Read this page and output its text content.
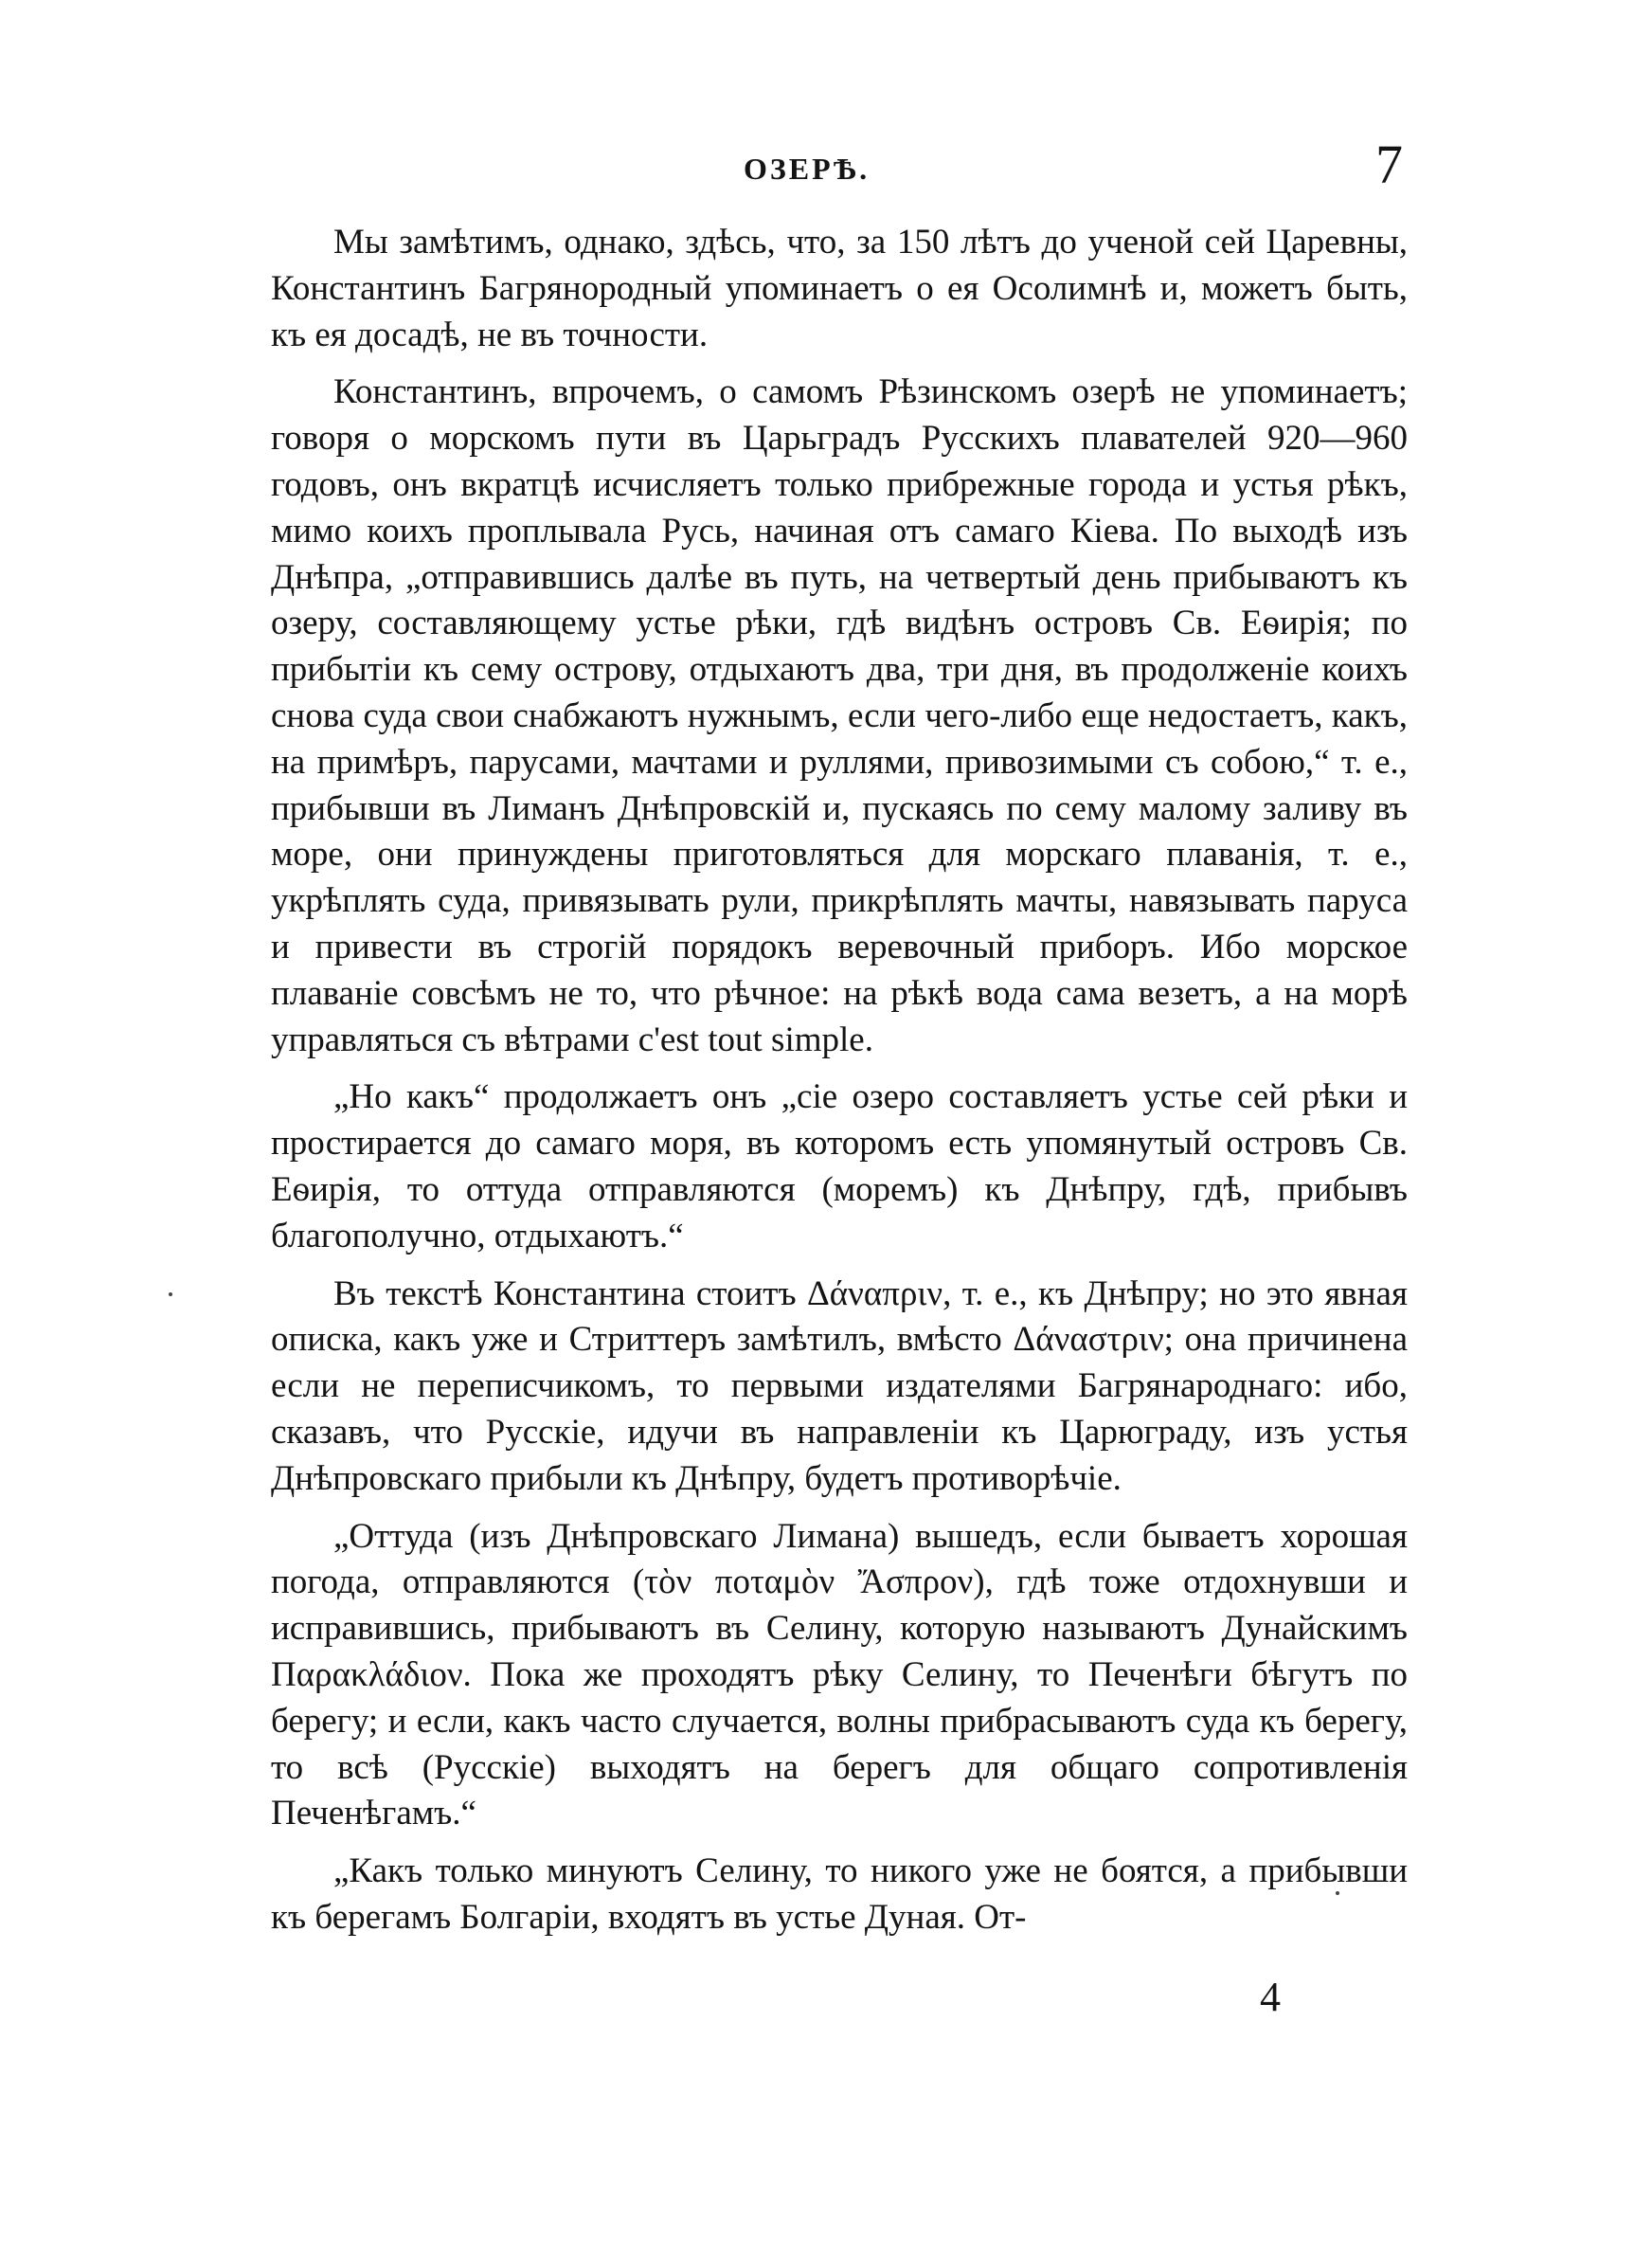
ОЗЕРѢ.	7

Мы замѣтимъ, однако, здѣсь, что, за 150 лѣтъ до ученой сей Царевны, Константинъ Багрянородный упоминаетъ о ея Осолимнѣ и, можетъ быть, къ ея досадѣ, не въ точности.

Константинъ, впрочемъ, о самомъ Рѣзинскомъ озерѣ не упоминаетъ; говоря о морскомъ пути въ Царьградъ Русскихъ плавателей 920—960 годовъ, онъ вкратцѣ исчисляетъ только прибрежные города и устья рѣкъ, мимо коихъ проплывала Русь, начиная отъ самаго Кіева. По выходѣ изъ Днѣпра, „отправившись далѣе въ путь, на четвертый день прибываютъ къ озеру, составляющему устье рѣки, гдѣ видѣнъ островъ Св. Еѳирія; по прибытіи къ сему острову, отдыхаютъ два, три дня, въ продолженіе коихъ снова суда свои снабжаютъ нужнымъ, если чего-либо еще недостаетъ, какъ, на примѣръ, парусами, мачтами и руллями, привозимыми съ собою,“ т. е., прибывши въ Лиманъ Днѣпровскій и, пускаясь по сему малому заливу въ море, они принуждены приготовляться для морскаго плаванія, т. е., укрѣплять суда, привязывать рули, прикрѣплять мачты, навязывать паруса и привести въ строгій порядокъ веревочный приборъ. Ибо морское плаваніе совсѣмъ не то, что рѣчное: на рѣкѣ вода сама везетъ, а на морѣ управляться съ вѣтрами c'est tout simple.

„Но какъ“ продолжаетъ онъ „сіе озеро составляетъ устье сей рѣки и простирается до самаго моря, въ которомъ есть упомянутый островъ Св. Еѳирія, то оттуда отправляются (моремъ) къ Днѣпру, гдѣ, прибывъ благополучно, отдыхаютъ.“

Въ текстѣ Константина стоитъ Δάναπριν, т. е., къ Днѣпру; но это явная описка, какъ уже и Стриттеръ замѣтилъ, вмѣсто Δάναστριν; она причинена если не переписчикомъ, то первыми издателями Багрянароднаго: ибо, сказавъ, что Русскіе, идучи въ направленіи къ Царюграду, изъ устья Днѣпровскаго прибыли къ Днѣпру, будетъ противорѣчіе.

„Оттуда (изъ Днѣпровскаго Лимана) вышедъ, если бываетъ хорошая погода, отправляются (τὸν ποταμὸν Ἄσπρον), гдѣ тоже отдохнувши и исправившись, прибываютъ въ Селину, которую называютъ Дунайскимъ Παρακλάδιον. Пока же проходятъ рѣку Селину, то Печенѣги бѣгутъ по берегу; и если, какъ часто случается, волны прибрасываютъ суда къ берегу, то всѣ (Русскіе) выходятъ на берегъ для общаго сопротивленія Печенѣгамъ.“

„Какъ только минуютъ Селину, то никого уже не боятся, а прибывши къ берегамъ Болгаріи, входятъ въ устье Дуная. От-

4
